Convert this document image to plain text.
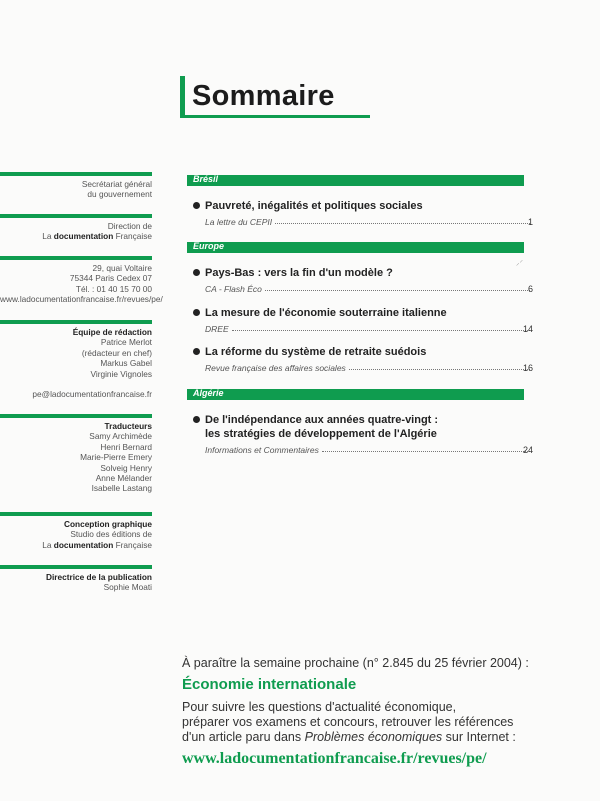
Sommaire
Secrétariat général
du gouvernement
Direction de
La documentation Française
29, quai Voltaire
75344 Paris Cedex 07
Tél. : 01 40 15 70 00
www.ladocumentationfrancaise.fr/revues/pe/
Équipe de rédaction
Patrice Merlot
(rédacteur en chef)
Markus Gabel
Virginie Vignoles

pe@ladocumentationfrancaise.fr
Traducteurs
Samy Archimède
Henri Bernard
Marie-Pierre Emery
Solveig Henry
Anne Mélander
Isabelle Lastang
Conception graphique
Studio des éditions de
La documentation Française
Directrice de la publication
Sophie Moati
Brésil
Europe
Algérie
Pauvreté, inégalités et politiques sociales
La lettre du CEPII	1
Pays-Bas : vers la fin d'un modèle ?
CA - Flash Éco	6
La mesure de l'économie souterraine italienne
DREE	14
La réforme du système de retraite suédois
Revue française des affaires sociales	16
De l'indépendance aux années quatre-vingt :
les stratégies de développement de l'Algérie
Informations et Commentaires	24
⸝⸍
À paraître la semaine prochaine (n° 2.845 du 25 février 2004) :
Économie internationale
Pour suivre les questions d'actualité économique,
préparer vos examens et concours, retrouver les références
d'un article paru dans Problèmes économiques sur Internet :
www.ladocumentationfrancaise.fr/revues/pe/
